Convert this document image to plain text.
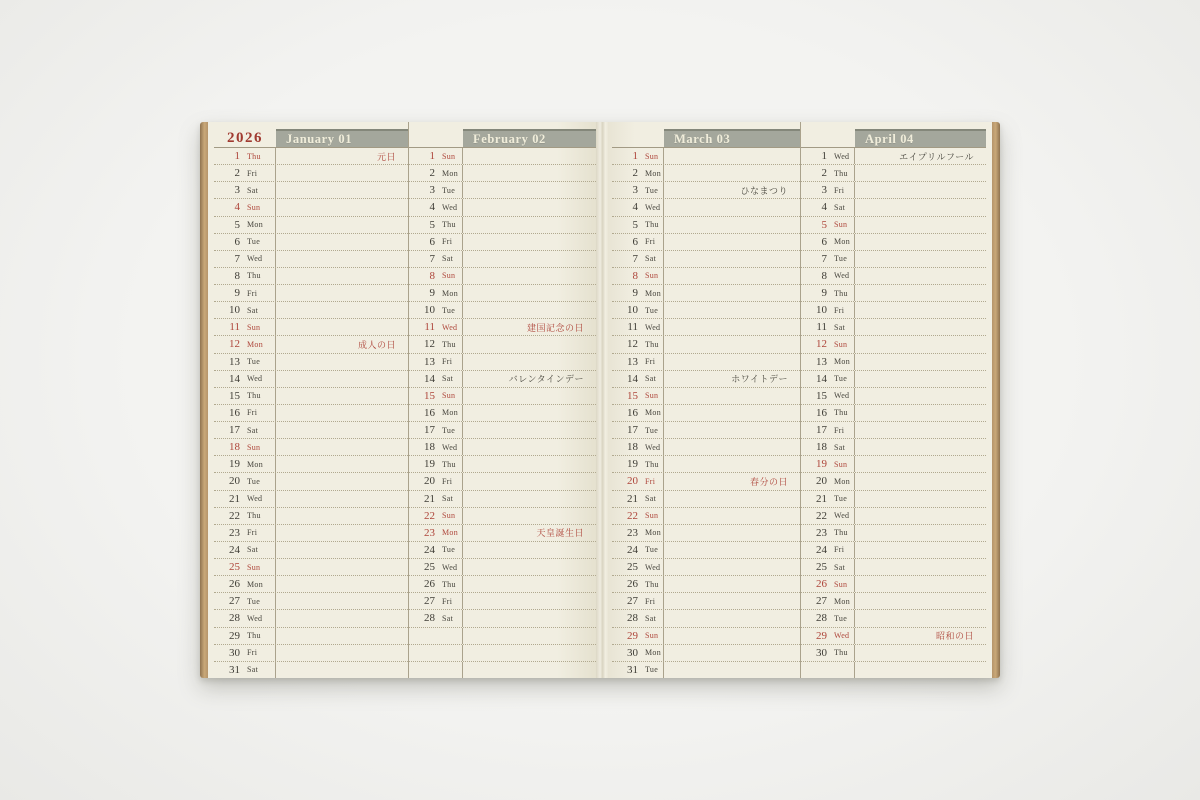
2026	January 01
1 Thu	元日
2 Fri
3 Sat
4 Sun
5 Mon
6 Tue
7 Wed
8 Thu
9 Fri
10 Sat
11 Sun
12 Mon	成人の日
13 Tue
14 Wed
15 Thu
16 Fri
17 Sat
18 Sun
19 Mon
20 Tue
21 Wed
22 Thu
23 Fri
24 Sat
25 Sun
26 Mon
27 Tue
28 Wed
29 Thu
30 Fri
31 Sat
February 02
1 Sun
2 Mon
3 Tue
4 Wed
5 Thu
6 Fri
7 Sat
8 Sun
9 Mon
10 Tue
11 Wed	建国記念の日
12 Thu
13 Fri
14 Sat	バレンタインデー
15 Sun
16 Mon
17 Tue
18 Wed
19 Thu
20 Fri
21 Sat
22 Sun
23 Mon	天皇誕生日
24 Tue
25 Wed
26 Thu
27 Fri
28 Sat
March 03
1 Sun
2 Mon
3 Tue	ひなまつり
4 Wed
5 Thu
6 Fri
7 Sat
8 Sun
9 Mon
10 Tue
11 Wed
12 Thu
13 Fri
14 Sat	ホワイトデー
15 Sun
16 Mon
17 Tue
18 Wed
19 Thu
20 Fri	春分の日
21 Sat
22 Sun
23 Mon
24 Tue
25 Wed
26 Thu
27 Fri
28 Sat
29 Sun
30 Mon
31 Tue
April 04
1 Wed	エイプリルフール
2 Thu
3 Fri
4 Sat
5 Sun
6 Mon
7 Tue
8 Wed
9 Thu
10 Fri
11 Sat
12 Sun
13 Mon
14 Tue
15 Wed
16 Thu
17 Fri
18 Sat
19 Sun
20 Mon
21 Tue
22 Wed
23 Thu
24 Fri
25 Sat
26 Sun
27 Mon
28 Tue
29 Wed	昭和の日
30 Thu
